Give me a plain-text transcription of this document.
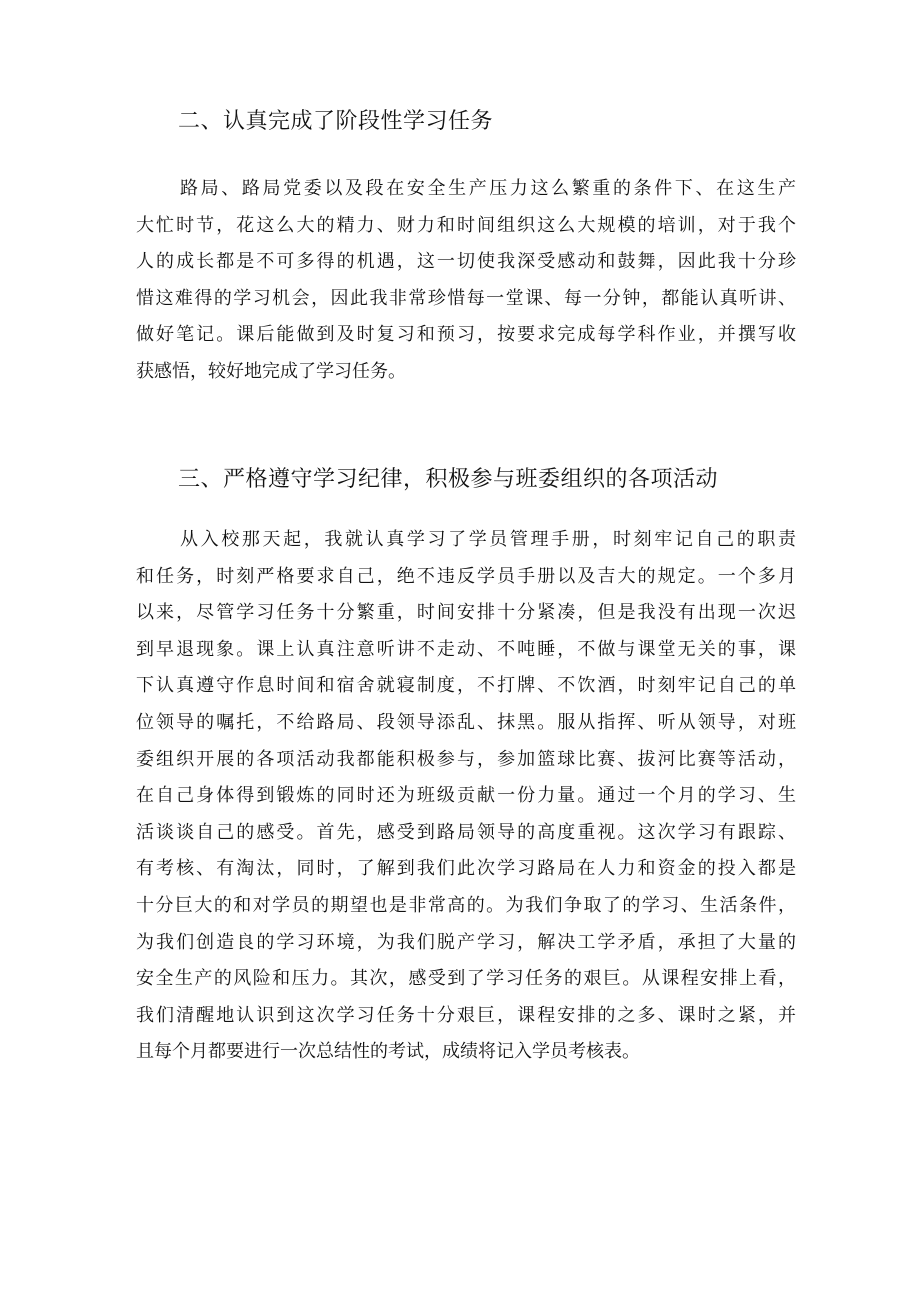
二、认真完成了阶段性学习任务
路局、路局党委以及段在安全生产压力这么繁重的条件下、在这生产
大忙时节，花这么大的精力、财力和时间组织这么大规模的培训，对于我个
人的成长都是不可多得的机遇，这一切使我深受感动和鼓舞，因此我十分珍
惜这难得的学习机会，因此我非常珍惜每一堂课、每一分钟，都能认真听讲、
做好笔记。课后能做到及时复习和预习，按要求完成每学科作业，并撰写收
获感悟，较好地完成了学习任务。
三、严格遵守学习纪律，积极参与班委组织的各项活动
从入校那天起，我就认真学习了学员管理手册，时刻牢记自己的职责
和任务，时刻严格要求自己，绝不违反学员手册以及吉大的规定。一个多月
以来，尽管学习任务十分繁重，时间安排十分紧凑，但是我没有出现一次迟
到早退现象。课上认真注意听讲不走动、不吨睡，不做与课堂无关的事，课
下认真遵守作息时间和宿舍就寝制度，不打牌、不饮酒，时刻牢记自己的单
位领导的嘱托，不给路局、段领导添乱、抹黑。服从指挥、听从领导，对班
委组织开展的各项活动我都能积极参与，参加篮球比赛、拔河比赛等活动，
在自己身体得到锻炼的同时还为班级贡献一份力量。通过一个月的学习、生
活谈谈自己的感受。首先，感受到路局领导的高度重视。这次学习有跟踪、
有考核、有淘汰，同时，了解到我们此次学习路局在人力和资金的投入都是
十分巨大的和对学员的期望也是非常高的。为我们争取了的学习、生活条件，
为我们创造良的学习环境，为我们脱产学习，解决工学矛盾，承担了大量的
安全生产的风险和压力。其次，感受到了学习任务的艰巨。从课程安排上看，
我们清醒地认识到这次学习任务十分艰巨，课程安排的之多、课时之紧，并
且每个月都要进行一次总结性的考试，成绩将记入学员考核表。
